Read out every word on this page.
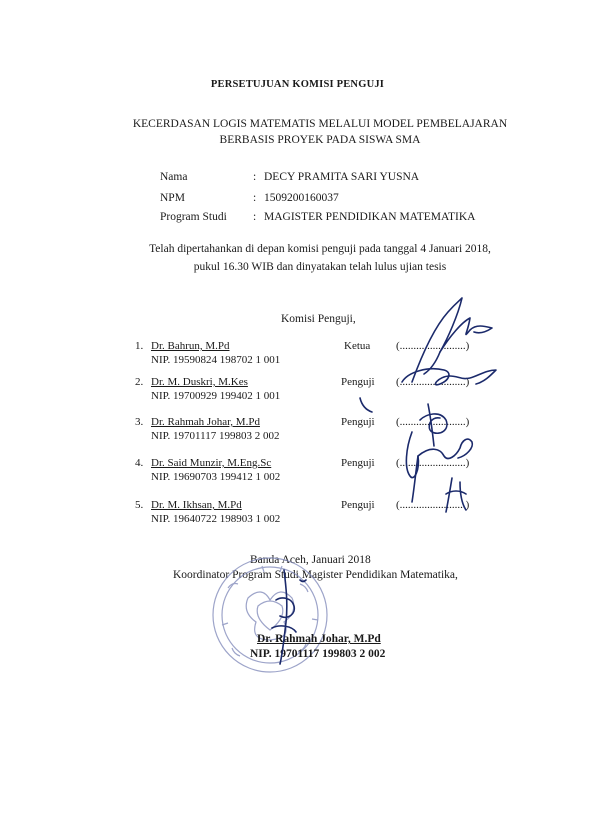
PERSETUJUAN KOMISI PENGUJI
KECERDASAN LOGIS MATEMATIS MELALUI MODEL PEMBELAJARAN
BERBASIS PROYEK PADA SISWA SMA
Nama	: DECY PRAMITA SARI YUSNA
NPM	: 1509200160037
Program Studi : MAGISTER PENDIDIKAN MATEMATIKA
Telah dipertahankan di depan komisi penguji pada tanggal 4 Januari 2018,
pukul 16.30 WIB dan dinyatakan telah lulus ujian tesis
Komisi Penguji,
1. Dr. Bahrun, M.Pd
NIP. 19590824 198702 1 001
Ketua (........................)
2. Dr. M. Duskri, M.Kes
NIP. 19700929 199402 1 001
Penguji (........................)
3. Dr. Rahmah Johar, M.Pd
NIP. 19701117 199803 2 002
Penguji (........................)
4. Dr. Said Munzir, M.Eng.Sc
NIP. 19690703 199412 1 002
Penguji (........................)
5. Dr. M. Ikhsan, M.Pd
NIP. 19640722 198903 1 002
Penguji (........................)
Banda Aceh, Januari 2018
Koordinator Program Studi Magister Pendidikan Matematika,
Dr. Rahmah Johar, M.Pd
NIP. 19701117 199803 2 002
